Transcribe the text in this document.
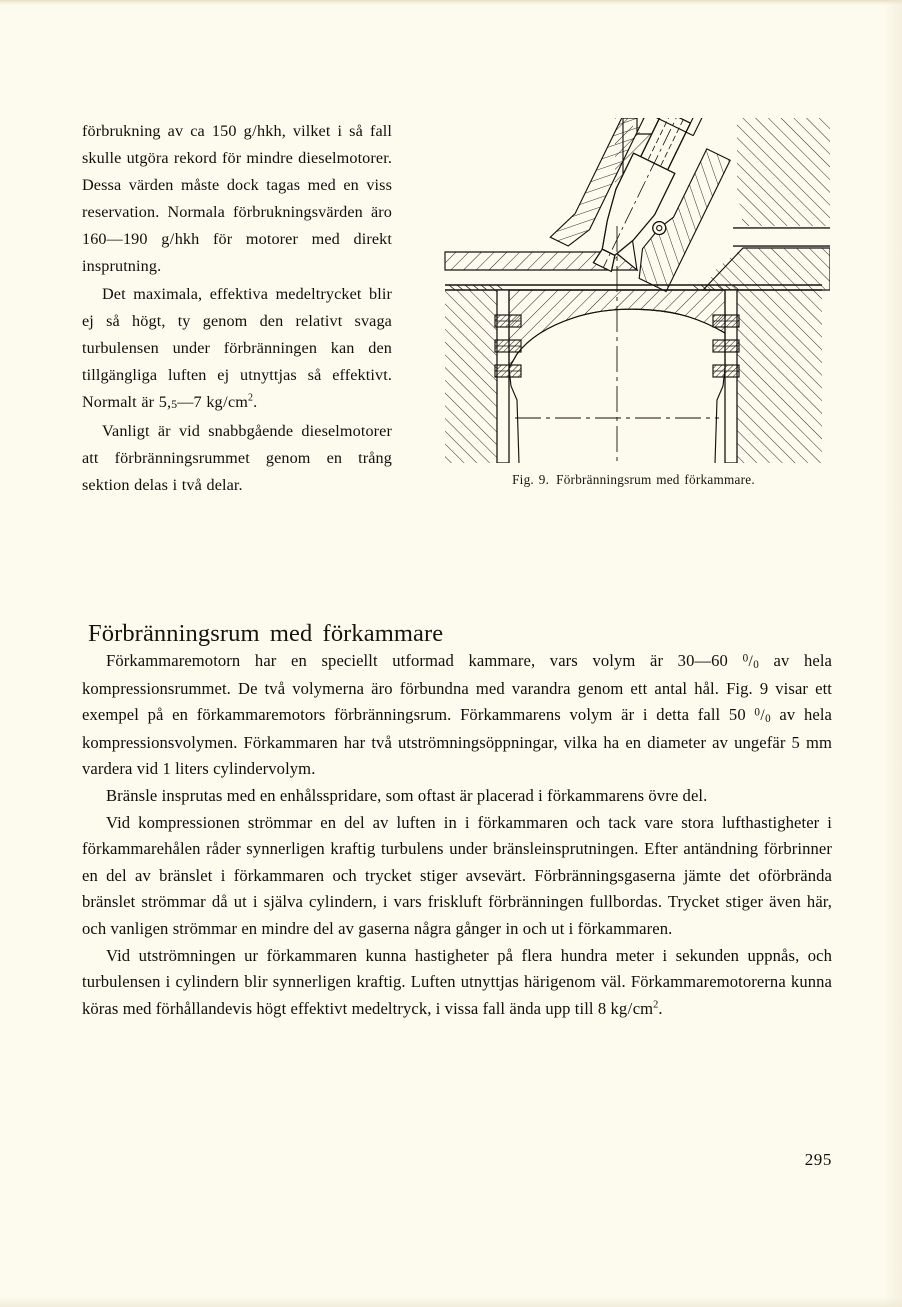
förbrukning av ca 150 g/hkh, vilket i så fall skulle utgöra rekord för mindre dieselmotorer. Dessa värden måste dock tagas med en viss reservation. Normala förbrukningsvärden äro 160—190 g/hkh för motorer med direkt insprutning.

Det maximala, effektiva medeltrycket blir ej så högt, ty genom den relativt svaga turbulensen under förbränningen kan den tillgängliga luften ej utnyttjas så effektivt. Normalt är 5,5—7 $kg/cm^2$.

Vanligt är vid snabbgående dieselmotorer att förbränningsrummet genom en trång sektion delas i två delar.	Fig. 9. Förbränningsrum med förkammare.
Förbränningsrum med förkammare

Förkammaremotorn har en speciellt utformad kammare, vars volym är 30—60 $^0$/0 av hela kompressionsrummet. De två volymerna äro förbundna med varandra genom ett antal hål. Fig. 9 visar ett exempel på en förkammaremotors förbränningsrum. Förkammarens volym är i detta fall 50 $^0$/0 av hela kompressionsvolymen. Förkammaren har två utströmningsöppningar, vilka ha en diameter av ungefär 5 mm vardera vid 1 liters cylindervolym.

Bränsle insprutas med en enhålsspridare, som oftast är placerad i förkammarens övre del.

Vid kompressionen strömmar en del av luften in i förkammaren och tack vare stora lufthastigheter i förkammarehålen råder synnerligen kraftig turbulens under bränsleinsprutningen. Efter antändning förbrinner en del av bränslet i förkammaren och trycket stiger avsevärt. Förbränningsgaserna jämte det oförbrända bränslet strömmar då ut i själva cylindern, i vars friskluft förbränningen fullbordas. Trycket stiger även här, och vanligen strömmar en mindre del av gaserna några gånger in och ut i förkammaren.

Vid utströmningen ur förkammaren kunna hastigheter på flera hundra meter i sekunden uppnås, och turbulensen i cylindern blir synnerligen kraftig. Luften utnyttjas härigenom väl. Förkammaremotorerna kunna köras med förhållandevis högt effektivt medeltryck, i vissa fall ända upp till 8 $kg/cm^2$.

295
